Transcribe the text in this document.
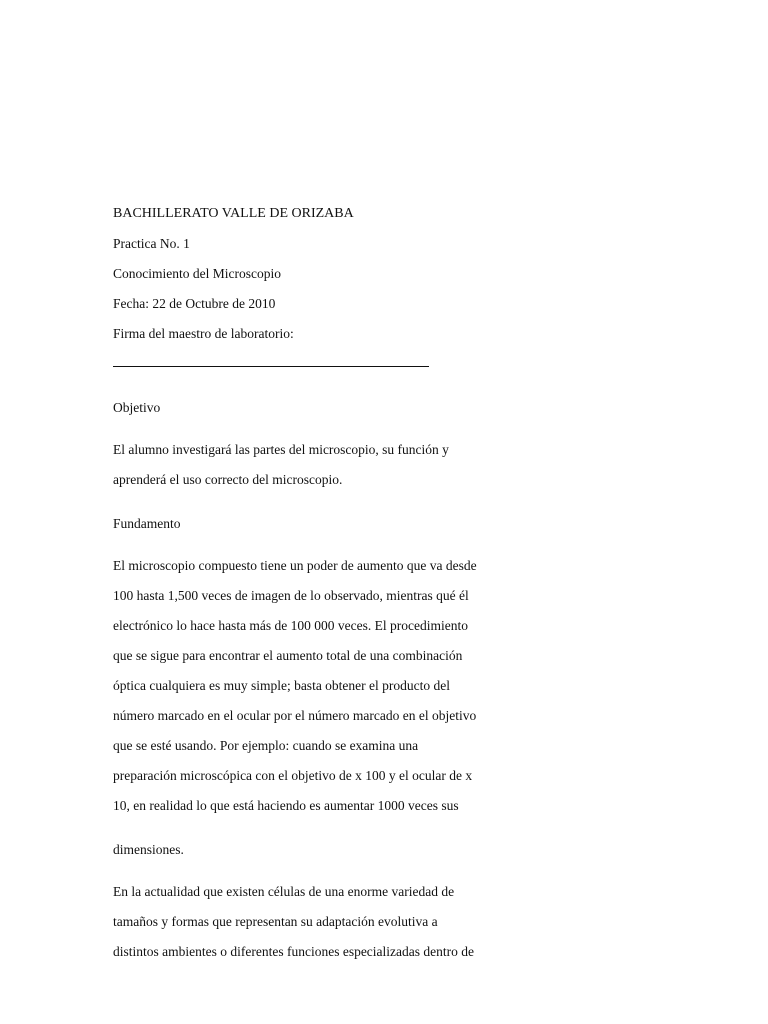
BACHILLERATO VALLE DE ORIZABA

Practica No. 1

Conocimiento del Microscopio

Fecha: 22 de Octubre de 2010

Firma del maestro de laboratorio:

Objetivo

El alumno investigará las partes del microscopio, su función y

aprenderá el uso correcto del microscopio.

Fundamento

El microscopio compuesto tiene un poder de aumento que va desde

100 hasta 1,500 veces de imagen de lo observado, mientras qué él

electrónico lo hace hasta más de 100 000 veces. El procedimiento

que se sigue para encontrar el aumento total de una combinación

óptica cualquiera es muy simple; basta obtener el producto del

número marcado en el ocular por el número marcado en el objetivo

que se esté usando. Por ejemplo: cuando se examina una

preparación microscópica con el objetivo de x 100 y el ocular de x

10, en realidad lo que está haciendo es aumentar 1000 veces sus

dimensiones.

En la actualidad que existen células de una enorme variedad de

tamaños y formas que representan su adaptación evolutiva a

distintos ambientes o diferentes funciones especializadas dentro de
